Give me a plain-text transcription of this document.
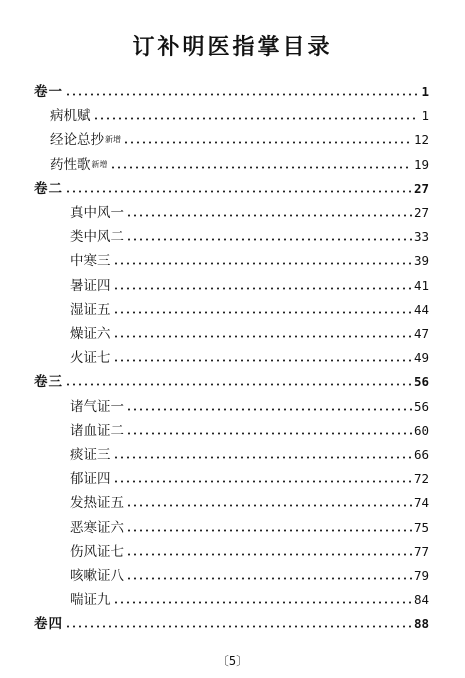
订补明医指掌目录
卷一	1
病机赋	1
经论总抄 新增	12
药性歌 新增	19
卷二	27
真中风一	27
类中风二	33
中寒三	39
暑证四	41
湿证五	44
燥证六	47
火证七	49
卷三	56
诸气证一	56
诸血证二	60
痰证三	66
郁证四	72
发热证五	74
恶寒证六	75
伤风证七	77
咳嗽证八	79
喘证九	84
卷四	88
〔5〕
